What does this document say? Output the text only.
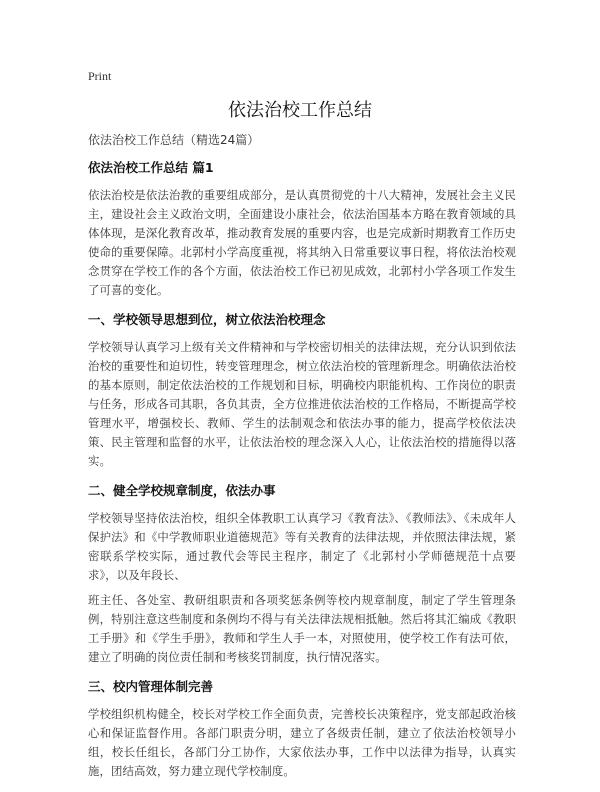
Print
依法治校工作总结

依法治校工作总结（精选24篇）

依法治校工作总结 篇1

依法治校是依法治教的重要组成部分，是认真贯彻党的十八大精神，发展社会主义民主，建设社会主义政治文明，全面建设小康社会，依法治国基本方略在教育领域的具体体现，是深化教育改革，推动教育发展的重要内容，也是完成新时期教育工作历史使命的重要保障。北郭村小学高度重视，将其纳入日常重要议事日程，将依法治校观念贯穿在学校工作的各个方面，依法治校工作已初见成效，北郭村小学各项工作发生了可喜的变化。

一、学校领导思想到位，树立依法治校理念

学校领导认真学习上级有关文件精神和与学校密切相关的法律法规，充分认识到依法治校的重要性和迫切性，转变管理理念，树立依法治校的管理新理念。明确依法治校的基本原则，制定依法治校的工作规划和目标，明确校内职能机构、工作岗位的职责与任务，形成各司其职，各负其责，全方位推进依法治校的工作格局，不断提高学校管理水平，增强校长、教师、学生的法制观念和依法办事的能力，提高学校依法决策、民主管理和监督的水平，让依法治校的理念深入人心，让依法治校的措施得以落实。

二、健全学校规章制度，依法办事

学校领导坚持依法治校，组织全体教职工认真学习《教育法》、《教师法》、《未成年人保护法》和《中学教师职业道德规范》等有关教育的法律法规，并依照法律法规，紧密联系学校实际，通过教代会等民主程序，制定了《北郭村小学师德规范十点要求》，以及年段长、

班主任、各处室、教研组职责和各项奖惩条例等校内规章制度，制定了学生管理条例，特别注意这些制度和条例均不得与有关法律法规相抵触。然后将其汇编成《教职工手册》和《学生手册》，教师和学生人手一本，对照使用，使学校工作有法可依，建立了明确的岗位责任制和考核奖罚制度，执行情况落实。

三、校内管理体制完善

学校组织机构健全，校长对学校工作全面负责，完善校长决策程序，党支部起政治核心和保证监督作用。各部门职责分明，建立了各级责任制，建立了依法治校领导小组，校长任组长，各部门分工协作，大家依法办事，工作中以法律为指导，认真实施，团结高效，努力建立现代学校制度。
